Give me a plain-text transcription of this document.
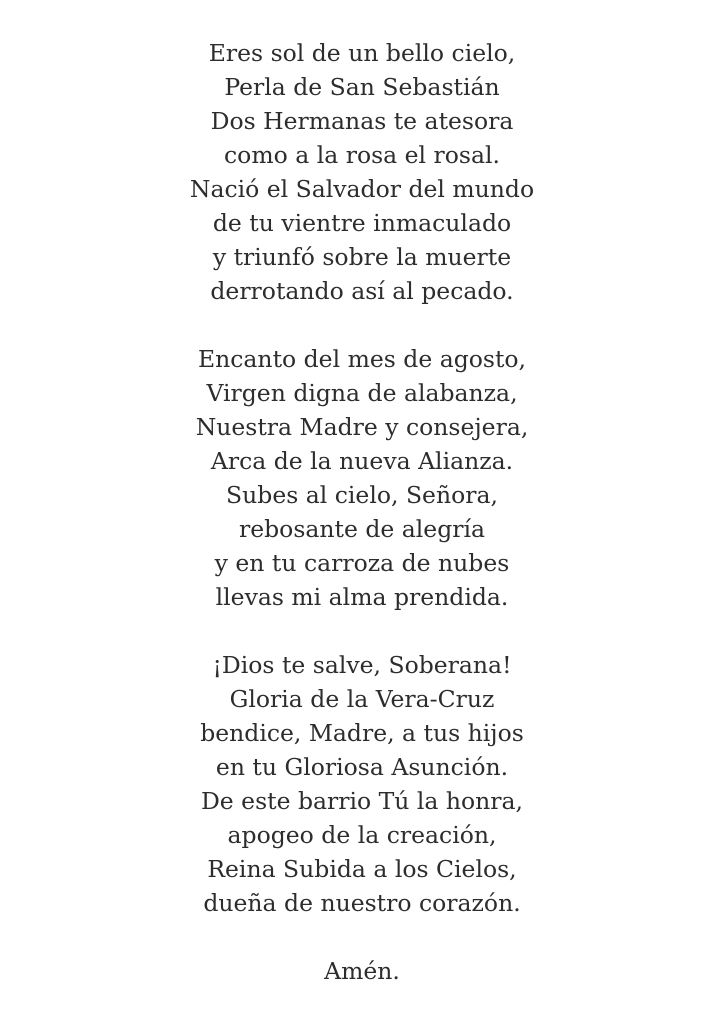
Eres sol de un bello cielo,

Perla de San Sebastián

Dos Hermanas te atesora

como a la rosa el rosal.

Nació el Salvador del mundo

de tu vientre inmaculado

y triunfó sobre la muerte

derrotando así al pecado.

Encanto del mes de agosto,

Virgen digna de alabanza,

Nuestra Madre y consejera,

Arca de la nueva Alianza.

Subes al cielo, Señora,

rebosante de alegría

y en tu carroza de nubes

llevas mi alma prendida.

¡Dios te salve, Soberana!

Gloria de la Vera-Cruz

bendice, Madre, a tus hijos

en tu Gloriosa Asunción.

De este barrio Tú la honra,

apogeo de la creación,

Reina Subida a los Cielos,

dueña de nuestro corazón.

Amén.
